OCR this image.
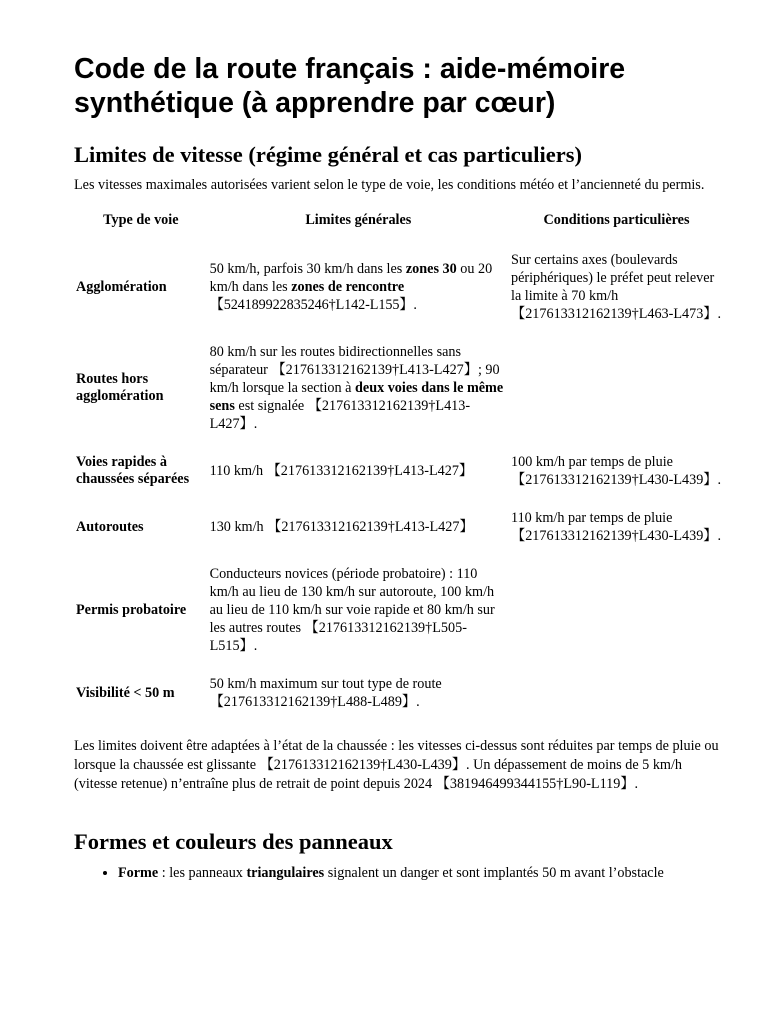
Code de la route français : aide-mémoire synthétique (à apprendre par cœur)
Limites de vitesse (régime général et cas particuliers)

Les vitesses maximales autorisées varient selon le type de voie, les conditions météo et l’ancienneté du permis.

Type de voie	Limites générales	Conditions particulières
Agglomération	50 km/h, parfois 30 km/h dans les zones 30 ou 20 km/h dans les zones de rencontre 【524189922835246†L142-L155】.	Sur certains axes (boulevards périphériques) le préfet peut relever la limite à 70 km/h 【217613312162139†L463-L473】.
Routes hors agglomération	80 km/h sur les routes bidirectionnelles sans séparateur 【217613312162139†L413-L427】; 90 km/h lorsque la section à deux voies dans le même sens est signalée 【217613312162139†L413-L427】.	
Voies rapides à chaussées séparées	110 km/h 【217613312162139†L413-L427】	100 km/h par temps de pluie 【217613312162139†L430-L439】.
Autoroutes	130 km/h 【217613312162139†L413-L427】	110 km/h par temps de pluie 【217613312162139†L430-L439】.
Permis probatoire	Conducteurs novices (période probatoire) : 110 km/h au lieu de 130 km/h sur autoroute, 100 km/h au lieu de 110 km/h sur voie rapide et 80 km/h sur les autres routes 【217613312162139†L505-L515】.	
Visibilité < 50 m	50 km/h maximum sur tout type de route 【217613312162139†L488-L489】.	

Les limites doivent être adaptées à l’état de la chaussée : les vitesses ci-dessus sont réduites par temps de pluie ou lorsque la chaussée est glissante 【217613312162139†L430-L439】. Un dépassement de moins de 5 km/h (vitesse retenue) n’entraîne plus de retrait de point depuis 2024 【381946499344155†L90-L119】.

Formes et couleurs des panneaux
• Forme : les panneaux triangulaires signalent un danger et sont implantés 50 m avant l’obstacle
